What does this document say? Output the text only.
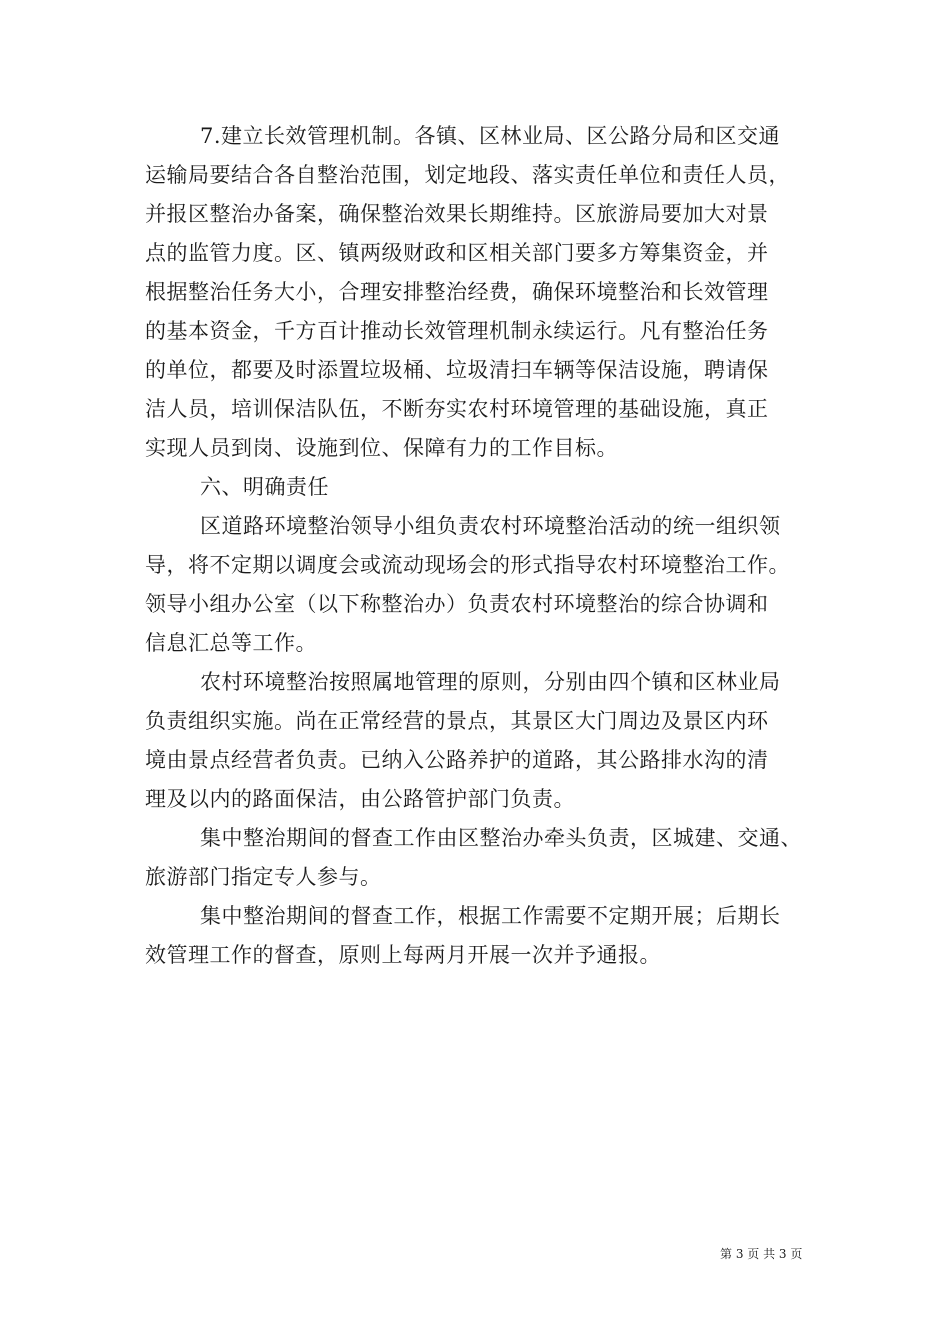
7.建立长效管理机制。各镇、区林业局、区公路分局和区交通
运输局要结合各自整治范围，划定地段、落实责任单位和责任人员，
并报区整治办备案，确保整治效果长期维持。区旅游局要加大对景
点的监管力度。区、镇两级财政和区相关部门要多方筹集资金，并
根据整治任务大小，合理安排整治经费，确保环境整治和长效管理
的基本资金，千方百计推动长效管理机制永续运行。凡有整治任务
的单位，都要及时添置垃圾桶、垃圾清扫车辆等保洁设施，聘请保
洁人员，培训保洁队伍，不断夯实农村环境管理的基础设施，真正
实现人员到岗、设施到位、保障有力的工作目标。
六、明确责任
区道路环境整治领导小组负责农村环境整治活动的统一组织领
导，将不定期以调度会或流动现场会的形式指导农村环境整治工作。
领导小组办公室（以下称整治办）负责农村环境整治的综合协调和
信息汇总等工作。
农村环境整治按照属地管理的原则，分别由四个镇和区林业局
负责组织实施。尚在正常经营的景点，其景区大门周边及景区内环
境由景点经营者负责。已纳入公路养护的道路，其公路排水沟的清
理及以内的路面保洁，由公路管护部门负责。
集中整治期间的督查工作由区整治办牵头负责，区城建、交通、
旅游部门指定专人参与。
集中整治期间的督查工作，根据工作需要不定期开展；后期长
效管理工作的督查，原则上每两月开展一次并予通报。
第 3 页 共 3 页
